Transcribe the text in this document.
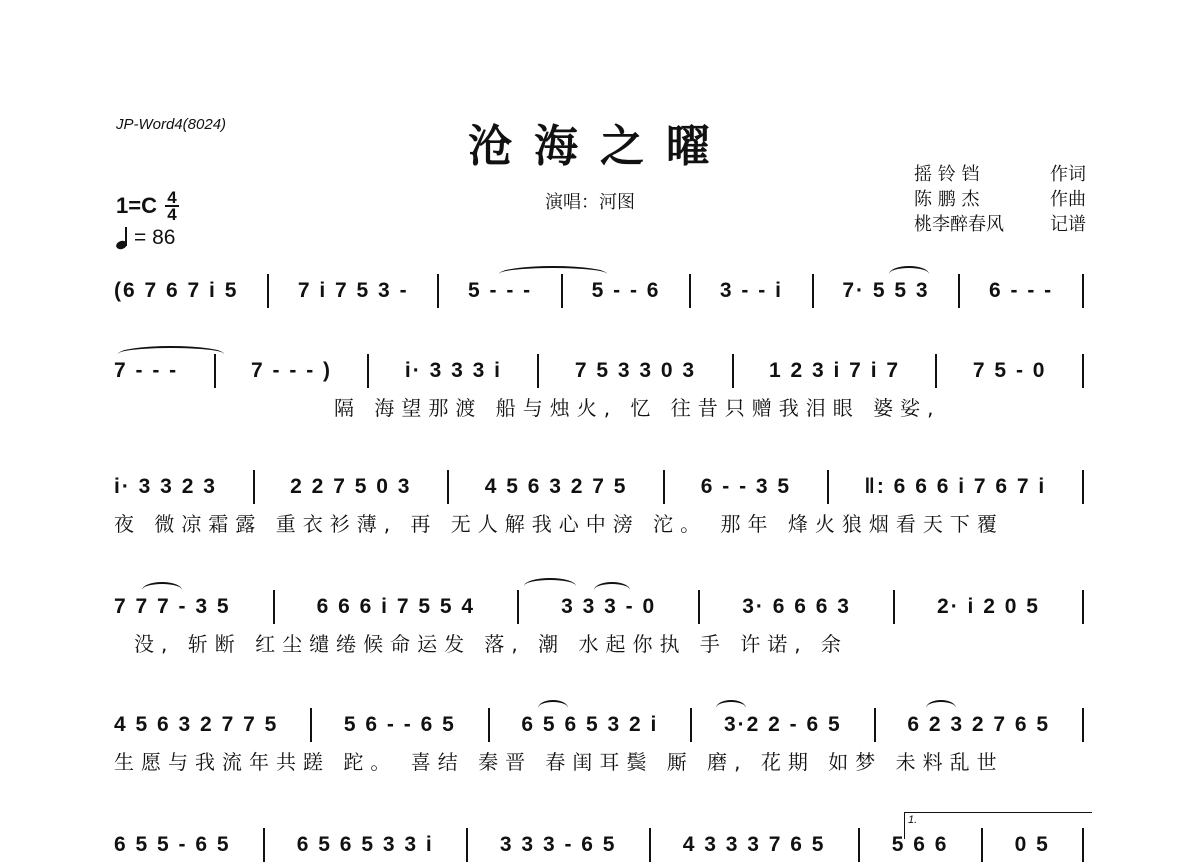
JP-Word4(8024)	沧海之曜
演唱：河图
摇 铃 铛	作词
陈 鹏 杰	作曲
桃李醉春风	记谱
1=C 4
4
= 86
(6 7 6 7 i 5	7 i 7 5 3 -	5 - - -	5 - - 6	3 - - i	7· 5 5 3	6 - - -
7 - - -	7 - - - )	i· 3 3 3 i	7 5 3 3 0 3	1 2 3 i 7 i 7	7 5 - 0
隔 海望那渡 船与烛火, 忆 往昔只赠我泪眼 婆娑,
i· 3 3 2 3	2 2 7 5 0 3	4 5 6 3 2 7 5	6 - - 3 5	‖: 6 6 6 i 7 6 7 i
夜 微凉霜露 重衣衫薄, 再 无人解我心中滂 沱。 那年 烽火狼烟看天下覆
7 7 7 - 3 5	6 6 6 i 7 5 5 4	3 3 3 - 0	3· 6 6 6 3	2· i 2 0 5
没, 斩断 红尘缱绻候命运发 落, 潮 水起你执 手 许诺, 余
4 5 6 3 2 7 7 5	5 6 - - 6 5	6 5 6 5 3 2 i	3·2 2 - 6 5	6 2 3 2 7 6 5
生愿与我流年共蹉 跎。 喜结 秦晋 春闺耳鬓 厮 磨, 花期 如梦 未料乱世
1.
6 5 5 - 6 5	6 5 6 5 3 3 i	3 3 3 - 6 5	4 3 3 3 7 6 5	5 6 6	0 5
